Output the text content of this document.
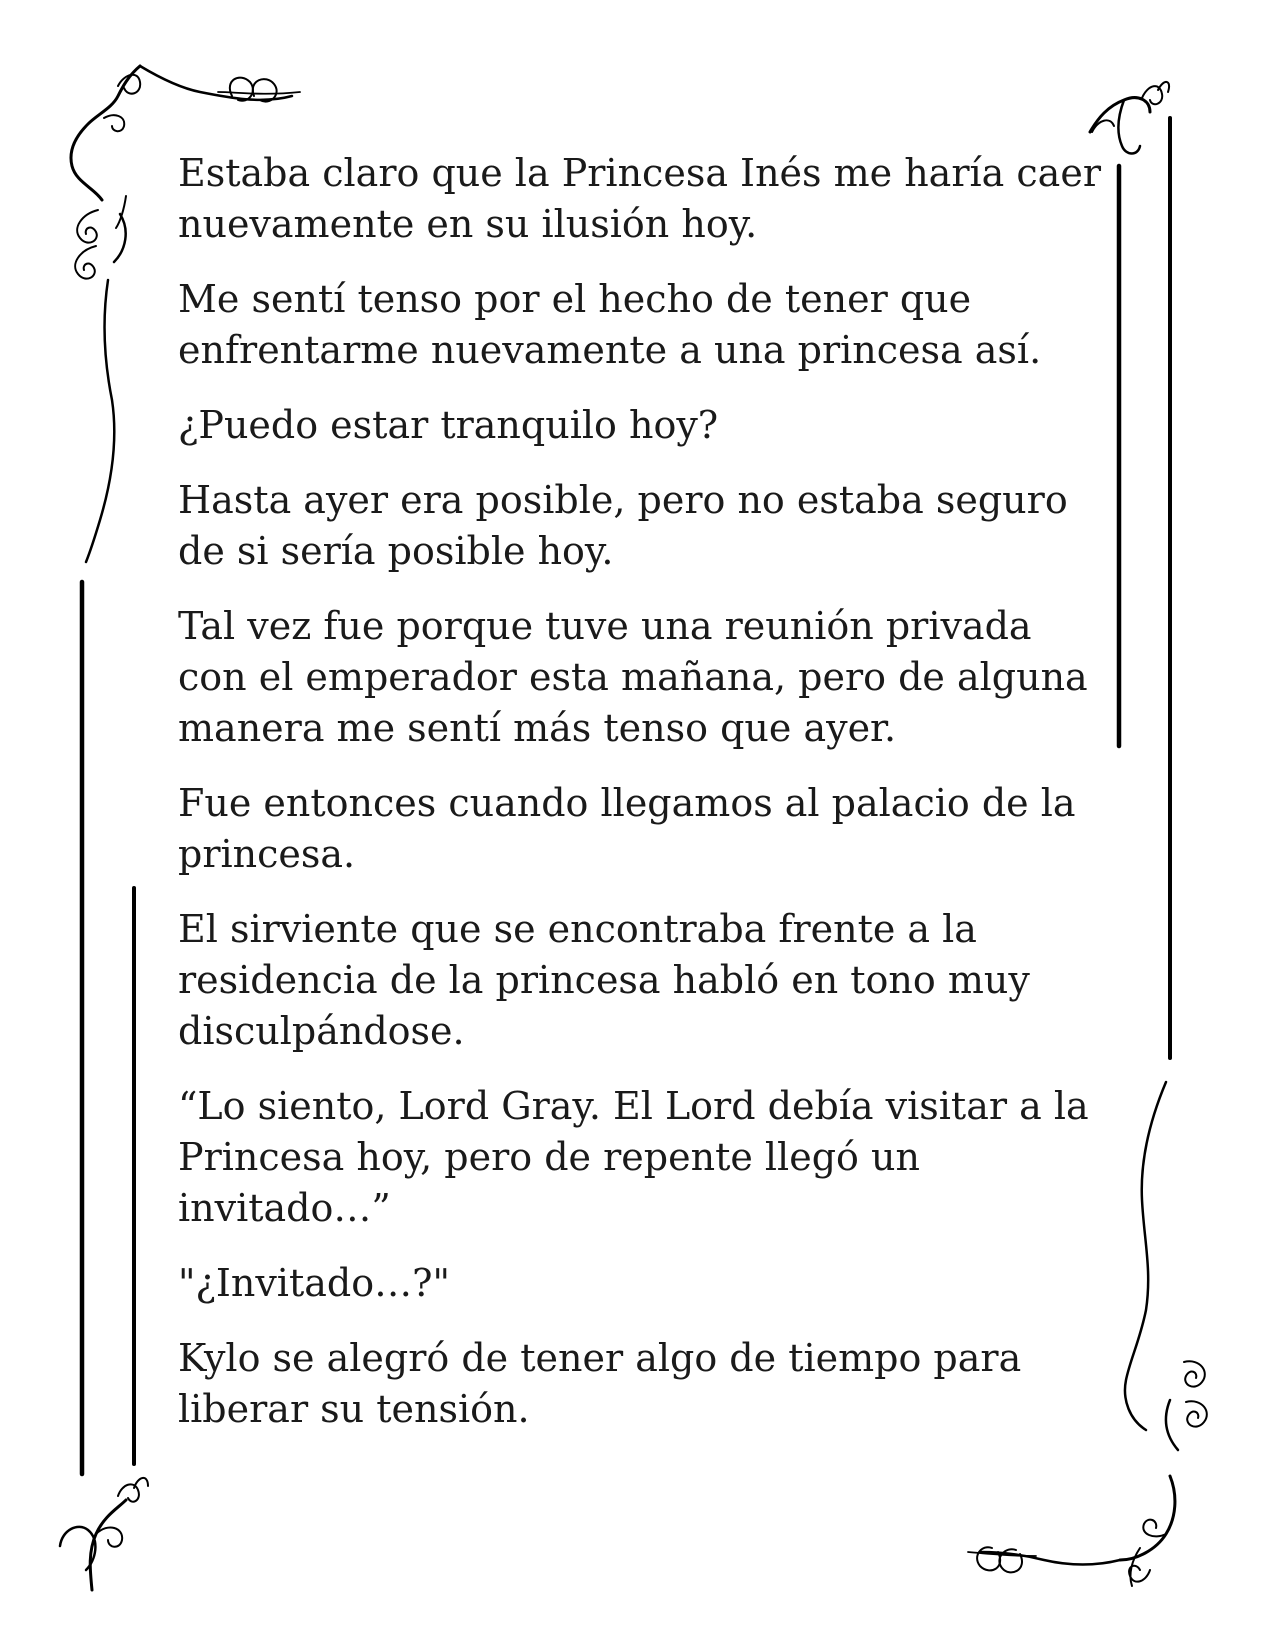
Estaba claro que la Princesa Inés me haría caer nuevamente en su ilusión hoy.

Me sentí tenso por el hecho de tener que enfrentarme nuevamente a una princesa así.

¿Puedo estar tranquilo hoy?

Hasta ayer era posible, pero no estaba seguro de si sería posible hoy.

Tal vez fue porque tuve una reunión privada con el emperador esta mañana, pero de alguna manera me sentí más tenso que ayer.

Fue entonces cuando llegamos al palacio de la princesa.

El sirviente que se encontraba frente a la residencia de la princesa habló en tono muy disculpándose.

“Lo siento, Lord Gray. El Lord debía visitar a la Princesa hoy, pero de repente llegó un invitado…”

"¿Invitado…?"

Kylo se alegró de tener algo de tiempo para liberar su tensión.
